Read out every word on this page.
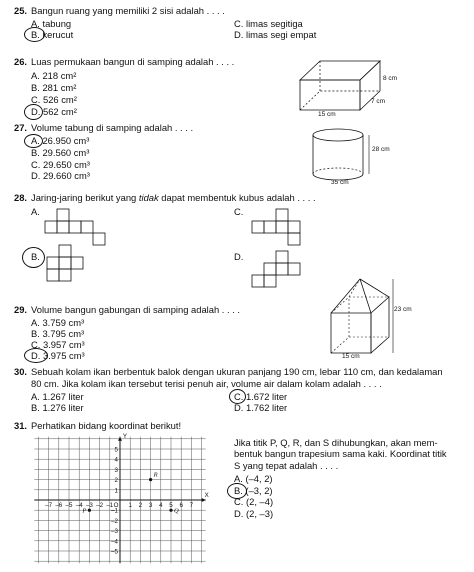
25. Bangun ruang yang memiliki 2 sisi adalah . . . .
A. tabung
B. kerucut
C. limas segitiga
D. limas segi empat
26. Luas permukaan bangun di samping adalah . . . .
A. 218 cm²
B. 281 cm²
C. 526 cm²
D. 562 cm²
8 cm
7 cm
15 cm
27. Volume tabung di samping adalah . . . .
A. 26.950 cm³
B. 29.560 cm³
C. 29.650 cm³
D. 29.660 cm³
28 cm
35 cm
28. Jaring-jaring berikut yang tidak dapat membentuk kubus adalah . . . .
A.
B.
C.
D.
29. Volume bangun gabungan di samping adalah . . . .
A. 3.759 cm³
B. 3.795 cm³
C. 3.957 cm³
D. 3.975 cm³
23 cm
15 cm
30. Sebuah kolam ikan berbentuk balok dengan ukuran panjang 190 cm, lebar 110 cm, dan kedalaman
80 cm. Jika kolam ikan tersebut terisi penuh air, volume air dalam kolam adalah . . . .
A. 1.267 liter
B. 1.276 liter
C. 1.672 liter
D. 1.762 liter
31. Perhatikan bidang koordinat berikut!
Jika titik P, Q, R, dan S dihubungkan, akan mem-
bentuk bangun trapesium sama kaki. Koordinat titik
S yang tepat adalah . . . .
A. (–4, 2)
B. (–3, 2)
C. (2, –4)
D. (2, –3)
X
Y
O
–7 –6 –5 –4 –3 –2 –1 1 2 3 4 5 6 7
5
4
3
2
1
–1
–2
–3
–4
–5
P	Q
R
